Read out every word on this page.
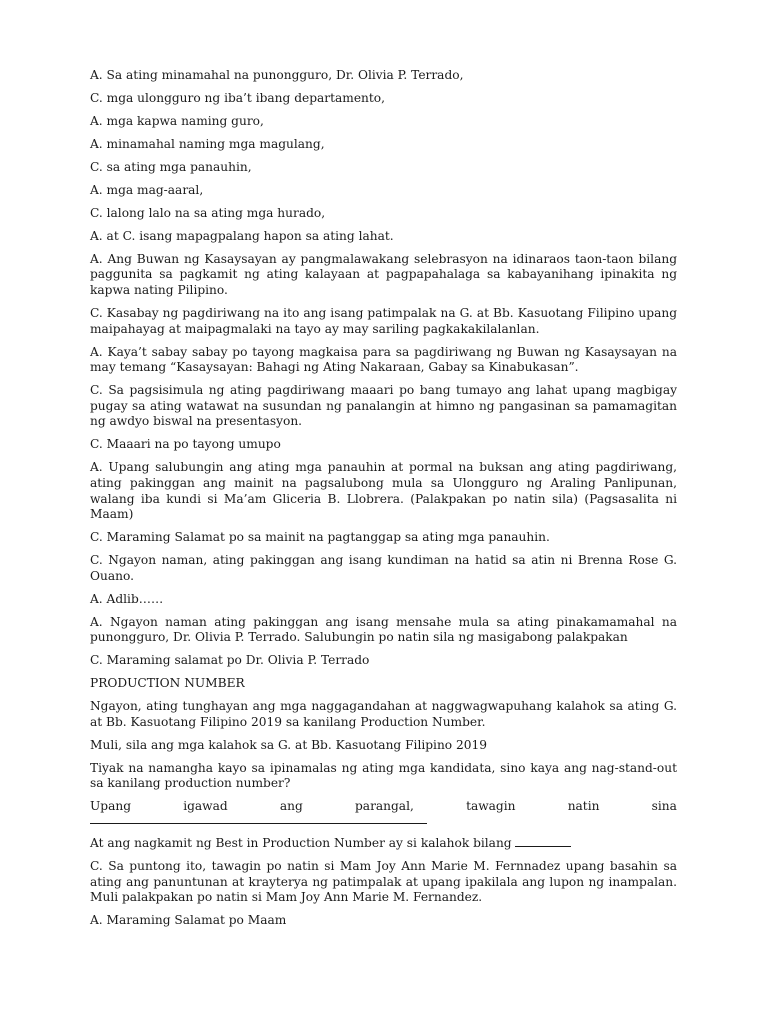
A. Sa ating minamahal na punongguro, Dr. Olivia P. Terrado,

C. mga ulongguro ng iba’t ibang departamento,

A. mga kapwa naming guro,

A. minamahal naming mga magulang,

C. sa ating mga panauhin,

A. mga mag-aaral,

C. lalong lalo na sa ating mga hurado,

A. at C. isang mapagpalang hapon sa ating lahat.

A. Ang Buwan ng Kasaysayan ay pangmalawakang selebrasyon na idinaraos taon-taon bilang paggunita sa pagkamit ng ating kalayaan at pagpapahalaga sa kabayanihang ipinakita ng kapwa nating Pilipino.

C. Kasabay ng pagdiriwang na ito ang isang patimpalak na G. at Bb. Kasuotang Filipino upang maipahayag at maipagmalaki na tayo ay may sariling pagkakakilalanlan.

A. Kaya’t sabay sabay po tayong magkaisa para sa pagdiriwang ng Buwan ng Kasaysayan na may temang “Kasaysayan: Bahagi ng Ating Nakaraan, Gabay sa Kinabukasan”.

C. Sa pagsisimula ng ating pagdiriwang maaari po bang tumayo ang lahat upang magbigay pugay sa ating watawat na susundan ng panalangin at himno ng pangasinan sa pamamagitan ng awdyo biswal na presentasyon.

C. Maaari na po tayong umupo

A. Upang salubungin ang ating mga panauhin at pormal na buksan ang ating pagdiriwang, ating pakinggan ang mainit na pagsalubong mula sa Ulongguro ng Araling Panlipunan, walang iba kundi si Ma’am Gliceria B. Llobrera. (Palakpakan po natin sila) (Pagsasalita ni Maam)

C. Maraming Salamat po sa mainit na pagtanggap sa ating mga panauhin.

C. Ngayon naman, ating pakinggan ang isang kundiman na hatid sa atin ni Brenna Rose G. Ouano.

A. Adlib……

A. Ngayon naman ating pakinggan ang isang mensahe mula sa ating pinakamamahal na punongguro, Dr. Olivia P. Terrado. Salubungin po natin sila ng masigabong palakpakan

C. Maraming salamat po Dr. Olivia P. Terrado

PRODUCTION NUMBER

Ngayon, ating tunghayan ang mga naggagandahan at naggwagwapuhang kalahok sa ating G. at Bb. Kasuotang Filipino 2019 sa kanilang Production Number.

Muli, sila ang mga kalahok sa G. at Bb. Kasuotang Filipino 2019

Tiyak na namangha kayo sa ipinamalas ng ating mga kandidata, sino kaya ang nag-stand-out sa kanilang production number?

Upang	igawad	ang	parangal,	tawagin	natin	sina

At ang nagkamit ng Best in Production Number ay si kalahok bilang

C. Sa puntong ito, tawagin po natin si Mam Joy Ann Marie M. Fernnadez upang basahin sa ating ang panuntunan at krayterya ng patimpalak at upang ipakilala ang lupon ng inampalan. Muli palakpakan po natin si Mam Joy Ann Marie M. Fernandez.

A. Maraming Salamat po Maam
